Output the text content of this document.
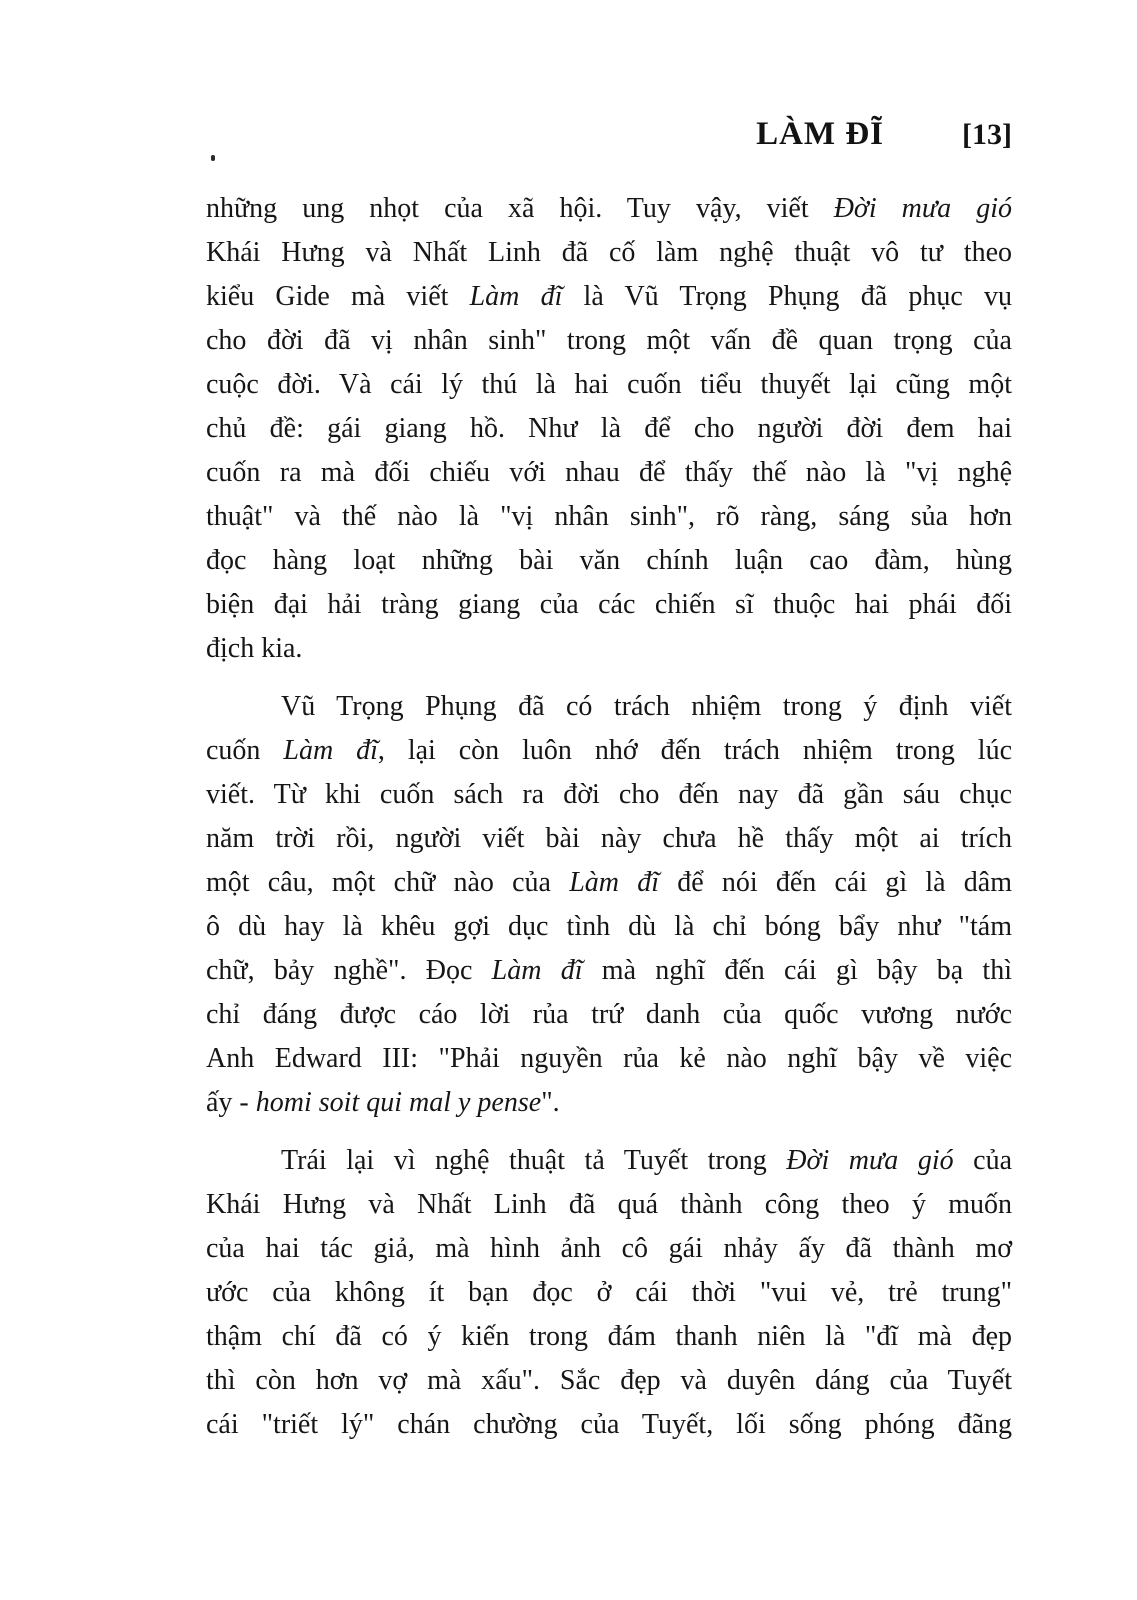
LÀM ĐĨ	[13]
những ung nhọt của xã hội. Tuy vậy, viết Đời mưa gió
Khái Hưng và Nhất Linh đã cố làm nghệ thuật vô tư theo
kiểu Gide mà viết Làm đĩ là Vũ Trọng Phụng đã phục vụ
cho đời đã vị nhân sinh" trong một vấn đề quan trọng của
cuộc đời. Và cái lý thú là hai cuốn tiểu thuyết lại cũng một
chủ đề: gái giang hồ. Như là để cho người đời đem hai
cuốn ra mà đối chiếu với nhau để thấy thế nào là "vị nghệ
thuật" và thế nào là "vị nhân sinh", rõ ràng, sáng sủa hơn
đọc hàng loạt những bài văn chính luận cao đàm, hùng
biện đại hải tràng giang của các chiến sĩ thuộc hai phái đối
địch kia.
Vũ Trọng Phụng đã có trách nhiệm trong ý định viết
cuốn Làm đĩ, lại còn luôn nhớ đến trách nhiệm trong lúc
viết. Từ khi cuốn sách ra đời cho đến nay đã gần sáu chục
năm trời rồi, người viết bài này chưa hề thấy một ai trích
một câu, một chữ nào của Làm đĩ để nói đến cái gì là dâm
ô dù hay là khêu gợi dục tình dù là chỉ bóng bẩy như "tám
chữ, bảy nghề". Đọc Làm đĩ mà nghĩ đến cái gì bậy bạ thì
chỉ đáng được cáo lời rủa trứ danh của quốc vương nước
Anh Edward III: "Phải nguyền rủa kẻ nào nghĩ bậy về việc
ấy - homi soit qui mal y pense".
Trái lại vì nghệ thuật tả Tuyết trong Đời mưa gió của
Khái Hưng và Nhất Linh đã quá thành công theo ý muốn
của hai tác giả, mà hình ảnh cô gái nhảy ấy đã thành mơ
ước của không ít bạn đọc ở cái thời "vui vẻ, trẻ trung"
thậm chí đã có ý kiến trong đám thanh niên là "đĩ mà đẹp
thì còn hơn vợ mà xấu". Sắc đẹp và duyên dáng của Tuyết
cái "triết lý" chán chường của Tuyết, lối sống phóng đãng
